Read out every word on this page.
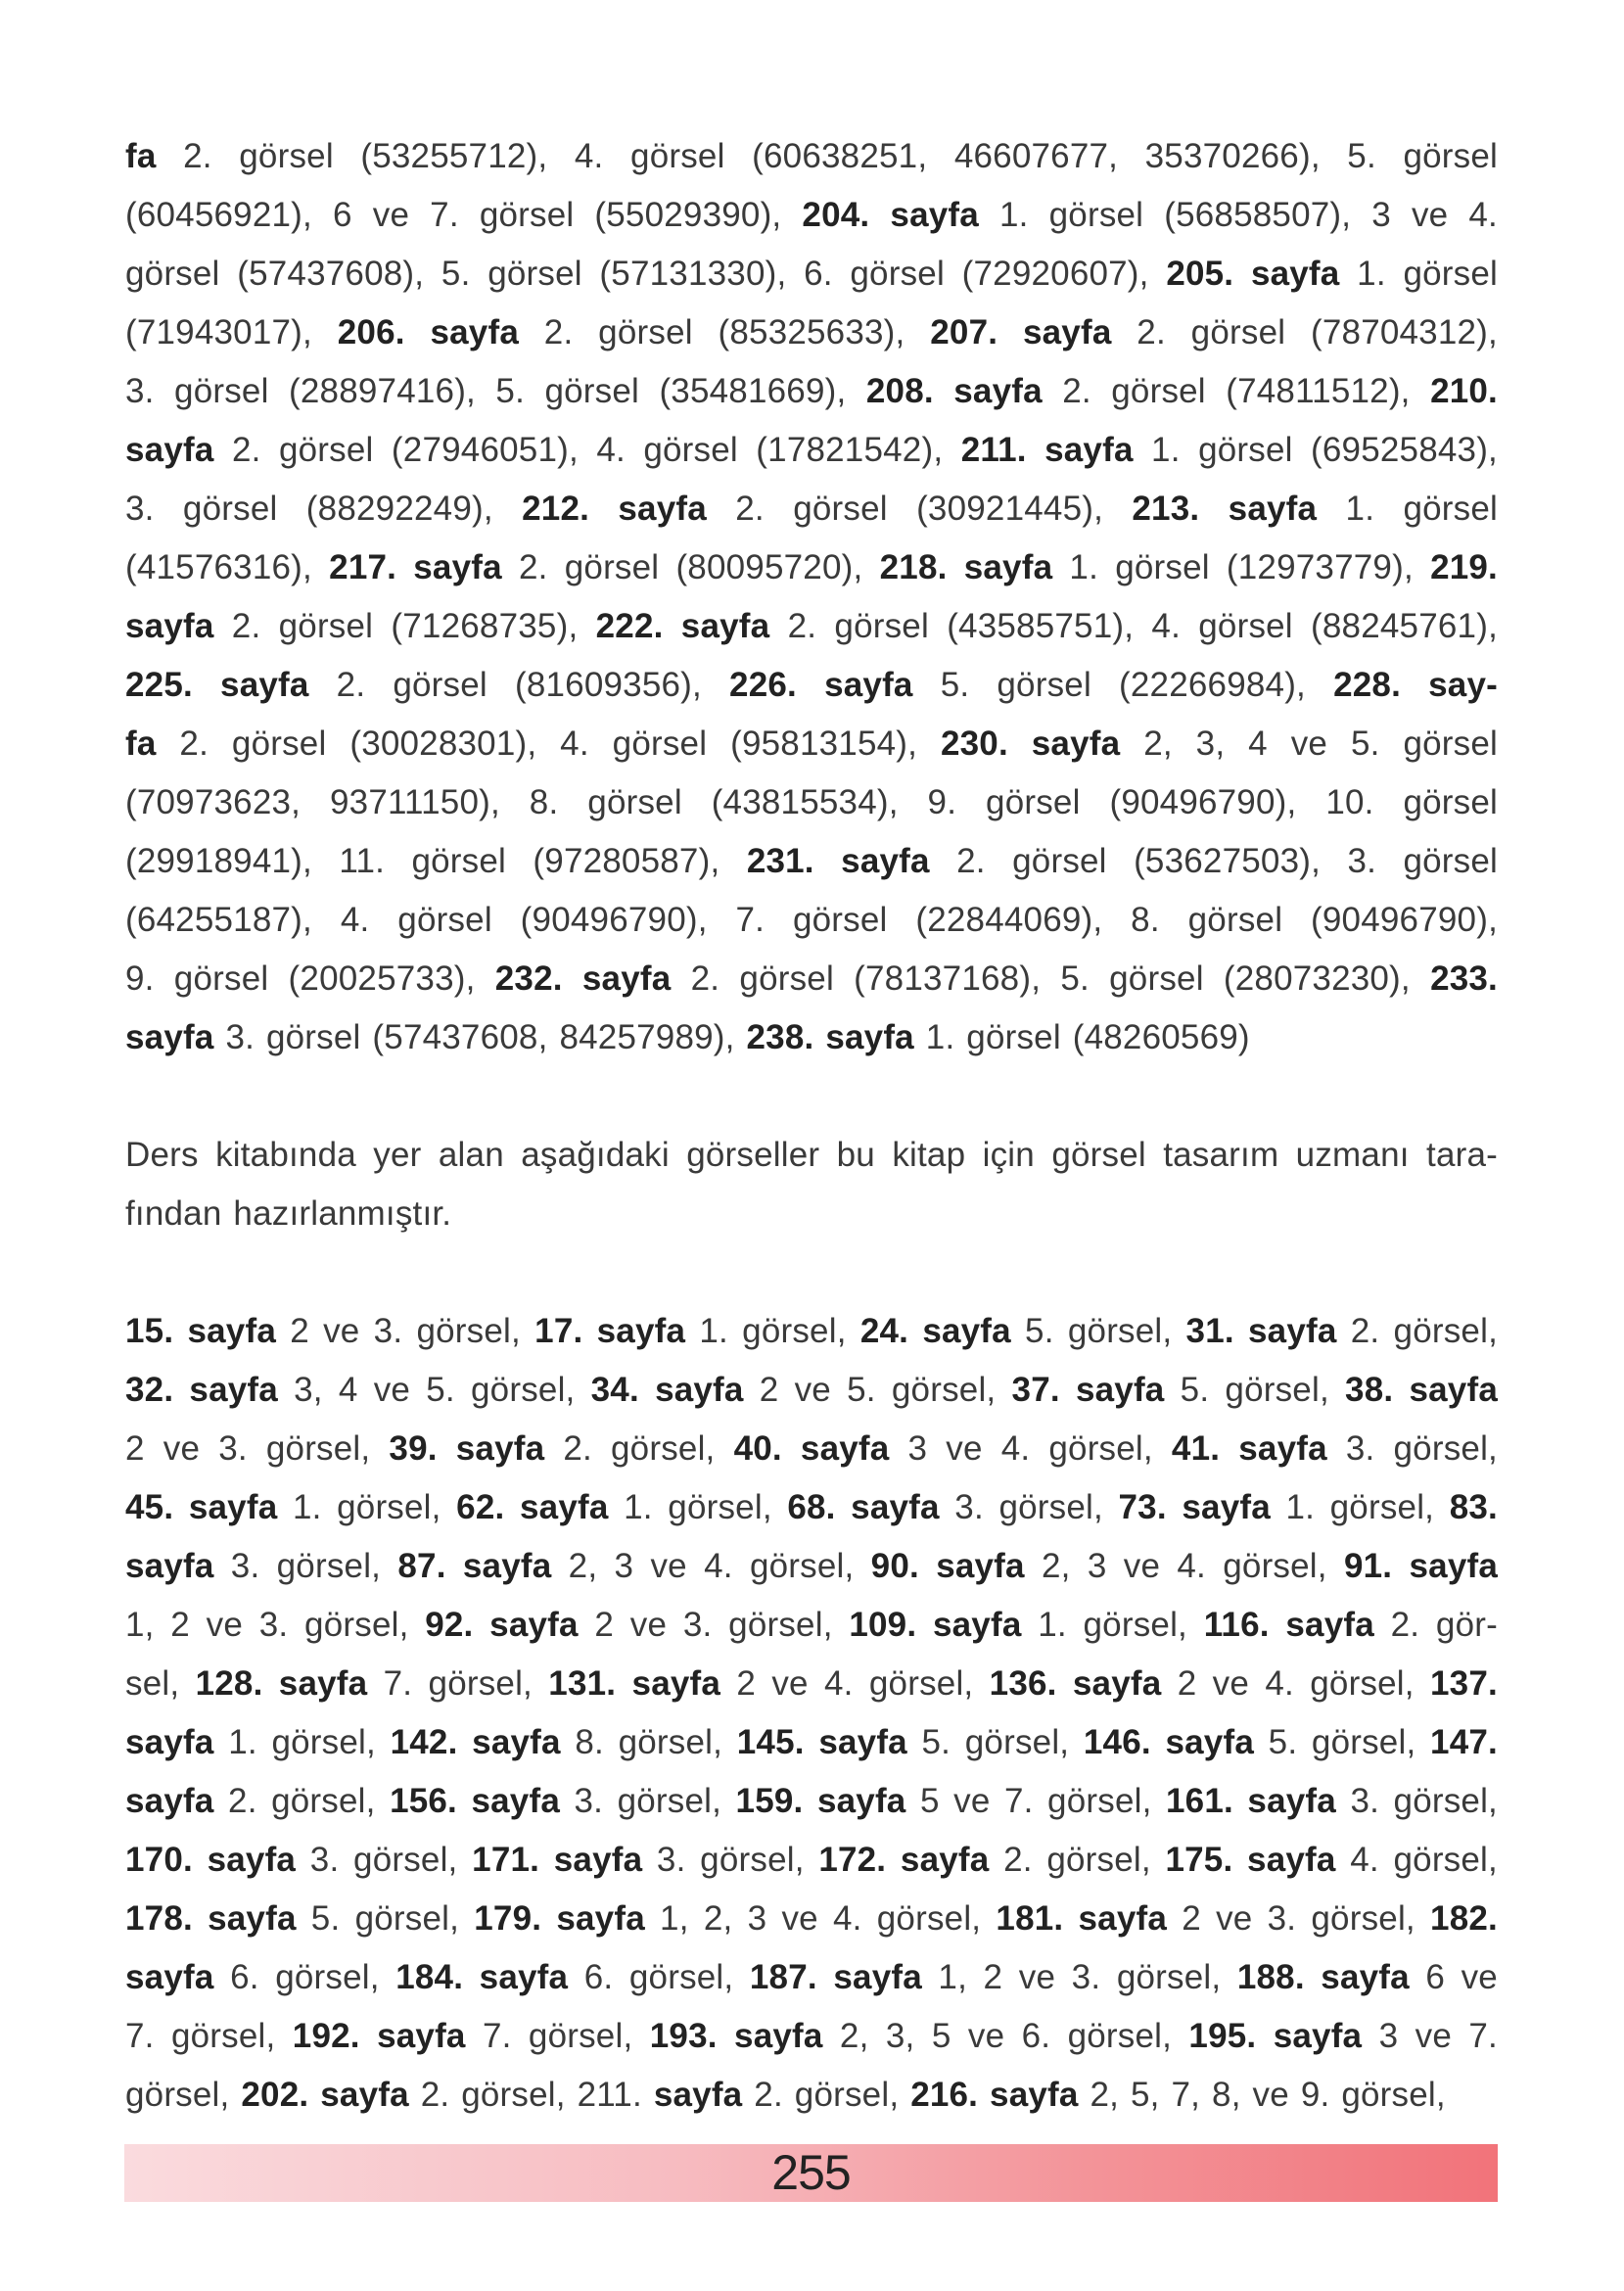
fa 2. görsel (53255712), 4. görsel (60638251, 46607677, 35370266), 5. görsel
(60456921), 6 ve 7. görsel (55029390), 204. sayfa 1. görsel (56858507), 3 ve 4.
görsel (57437608), 5. görsel (57131330), 6. görsel (72920607), 205. sayfa 1. görsel
(71943017), 206. sayfa 2. görsel (85325633), 207. sayfa 2. görsel (78704312),
3. görsel (28897416), 5. görsel (35481669), 208. sayfa 2. görsel (74811512), 210.
sayfa 2. görsel (27946051), 4. görsel (17821542), 211. sayfa 1. görsel (69525843),
3. görsel (88292249), 212. sayfa 2. görsel (30921445), 213. sayfa 1. görsel
(41576316), 217. sayfa 2. görsel (80095720), 218. sayfa 1. görsel (12973779), 219.
sayfa 2. görsel (71268735), 222. sayfa 2. görsel (43585751), 4. görsel (88245761),
225. sayfa 2. görsel (81609356), 226. sayfa 5. görsel (22266984), 228. say-
fa 2. görsel (30028301), 4. görsel (95813154), 230. sayfa 2, 3, 4 ve 5. görsel
(70973623, 93711150), 8. görsel (43815534), 9. görsel (90496790), 10. görsel
(29918941), 11. görsel (97280587), 231. sayfa 2. görsel (53627503), 3. görsel
(64255187), 4. görsel (90496790), 7. görsel (22844069), 8. görsel (90496790),
9. görsel (20025733), 232. sayfa 2. görsel (78137168), 5. görsel (28073230), 233.
sayfa 3. görsel (57437608, 84257989), 238. sayfa 1. görsel (48260569)
Ders kitabında yer alan aşağıdaki görseller bu kitap için görsel tasarım uzmanı tara-
fından hazırlanmıştır.
15. sayfa 2 ve 3. görsel, 17. sayfa 1. görsel, 24. sayfa 5. görsel, 31. sayfa 2. görsel,
32. sayfa 3, 4 ve 5. görsel, 34. sayfa 2 ve 5. görsel, 37. sayfa 5. görsel, 38. sayfa
2 ve 3. görsel, 39. sayfa 2. görsel, 40. sayfa 3 ve 4. görsel, 41. sayfa 3. görsel,
45. sayfa 1. görsel, 62. sayfa 1. görsel, 68. sayfa 3. görsel, 73. sayfa 1. görsel, 83.
sayfa 3. görsel, 87. sayfa 2, 3 ve 4. görsel, 90. sayfa 2, 3 ve 4. görsel, 91. sayfa
1, 2 ve 3. görsel, 92. sayfa 2 ve 3. görsel, 109. sayfa 1. görsel, 116. sayfa 2. gör-
sel, 128. sayfa 7. görsel, 131. sayfa 2 ve 4. görsel, 136. sayfa 2 ve 4. görsel, 137.
sayfa 1. görsel, 142. sayfa 8. görsel, 145. sayfa 5. görsel, 146. sayfa 5. görsel, 147.
sayfa 2. görsel, 156. sayfa 3. görsel, 159. sayfa 5 ve 7. görsel, 161. sayfa 3. görsel,
170. sayfa 3. görsel, 171. sayfa 3. görsel, 172. sayfa 2. görsel, 175. sayfa 4. görsel,
178. sayfa 5. görsel, 179. sayfa 1, 2, 3 ve 4. görsel, 181. sayfa 2 ve 3. görsel, 182.
sayfa 6. görsel, 184. sayfa 6. görsel, 187. sayfa 1, 2 ve 3. görsel, 188. sayfa 6 ve
7. görsel, 192. sayfa 7. görsel, 193. sayfa 2, 3, 5 ve 6. görsel, 195. sayfa 3 ve 7.
görsel, 202. sayfa 2. görsel, 211. sayfa 2. görsel, 216. sayfa 2, 5, 7, 8, ve 9. görsel,
255
